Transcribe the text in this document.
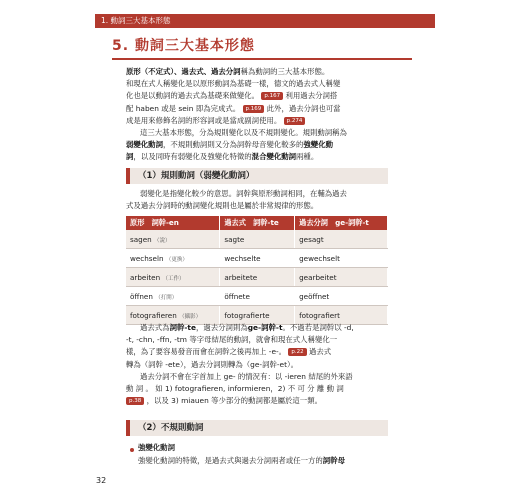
1. 動詞三大基本形態
5. 動詞三大基本形態
原形（不定式）、過去式、過去分詞稱為動詞的三大基本形態。
和現在式人稱變化是以原形動詞為基礎一樣，德文的過去式人稱變
化也是以動詞的過去式為基礎來做變化。 p.167 利用過去分詞搭
配 haben 或是 sein 即為完成式。 p.169 此外，過去分詞也可當
成是用來修飾名詞的形容詞或是當成副詞使用。 p.274
這三大基本形態，分為規則變化以及不規則變化。規則動詞稱為
弱變化動詞，不規則動詞則又分為詞幹母音變化較多的強變化動
詞，以及同時有弱變化及強變化特徵的混合變化動詞兩種。
（1）規則動詞（弱變化動詞）
弱變化是指變化較少的意思。詞幹與原形動詞相同，在輔為過去
式及過去分詞時的動詞變化規則也是屬於非常規律的形態。
原形　詞幹-en	過去式　詞幹-te	過去分詞　ge-詞幹-t
sagen （說）	sagte	gesagt
wechseln （更換）	wechselte	gewechselt
arbeiten （工作）	arbeitete	gearbeitet
öffnen （打開）	öffnete	geöffnet
fotografieren （攝影）	fotografierte	fotografiert
過去式為詞幹-te，過去分詞則為ge-詞幹-t。不過若是詞幹以 -d,
-t, -chn, -ffn, -tm 等字母結尾的動詞，就會和現在式人稱變化一
樣，為了要容易發音而會在詞幹之後再加上 -e-。 p.22 過去式
轉為（詞幹 -ete），過去分詞則轉為（ge-詞幹-et）。
過去分詞不會在字首加上 ge- 的情況有：以 -ieren 結尾的外來語
動 詞 。 如 1) fotografieren, informieren，2) 不 可 分 離 動 詞
p.38 ，以及 3) miauen 等少部分的動詞都是屬於這一類。
（2）不規則動詞
強變化動詞
強變化動詞的特徵，是過去式與過去分詞兩者或任一方的詞幹母
32
